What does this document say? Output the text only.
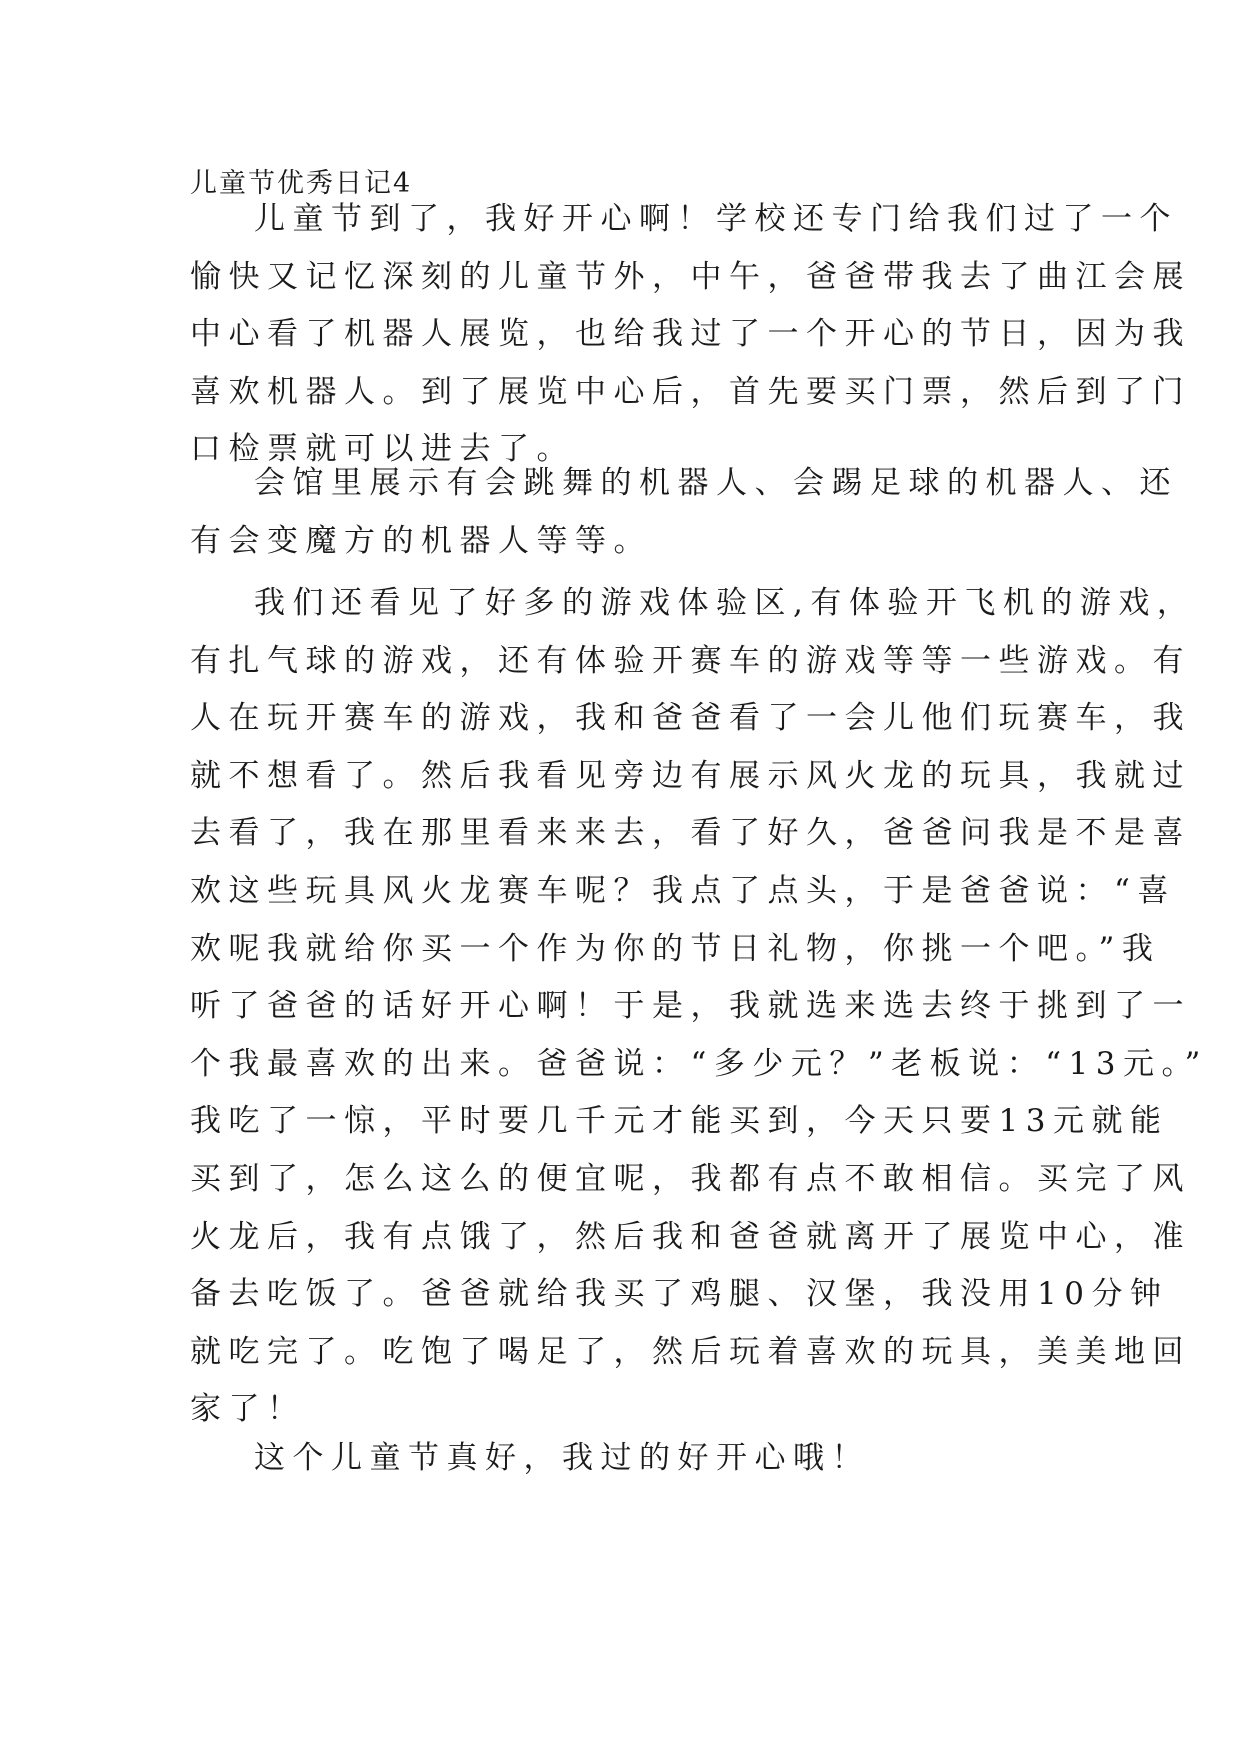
儿童节优秀日记4
儿童节到了，我好开心啊！学校还专门给我们过了一个
愉快又记忆深刻的儿童节外，中午，爸爸带我去了曲江会展
中心看了机器人展览，也给我过了一个开心的节日，因为我
喜欢机器人。到了展览中心后，首先要买门票，然后到了门
口检票就可以进去了。
会馆里展示有会跳舞的机器人、会踢足球的机器人、还
有会变魔方的机器人等等。
我们还看见了好多的游戏体验区,有体验开飞机的游戏，
有扎气球的游戏，还有体验开赛车的游戏等等一些游戏。有
人在玩开赛车的游戏，我和爸爸看了一会儿他们玩赛车，我
就不想看了。然后我看见旁边有展示风火龙的玩具，我就过
去看了，我在那里看来来去，看了好久，爸爸问我是不是喜
欢这些玩具风火龙赛车呢？我点了点头，于是爸爸说：“喜
欢呢我就给你买一个作为你的节日礼物，你挑一个吧。”我
听了爸爸的话好开心啊！于是，我就选来选去终于挑到了一
个我最喜欢的出来。爸爸说：“多少元？”老板说：“13元。”
我吃了一惊，平时要几千元才能买到，今天只要13元就能
买到了，怎么这么的便宜呢，我都有点不敢相信。买完了风
火龙后，我有点饿了，然后我和爸爸就离开了展览中心，准
备去吃饭了。爸爸就给我买了鸡腿、汉堡，我没用10分钟
就吃完了。吃饱了喝足了，然后玩着喜欢的玩具，美美地回
家了！
这个儿童节真好，我过的好开心哦！
